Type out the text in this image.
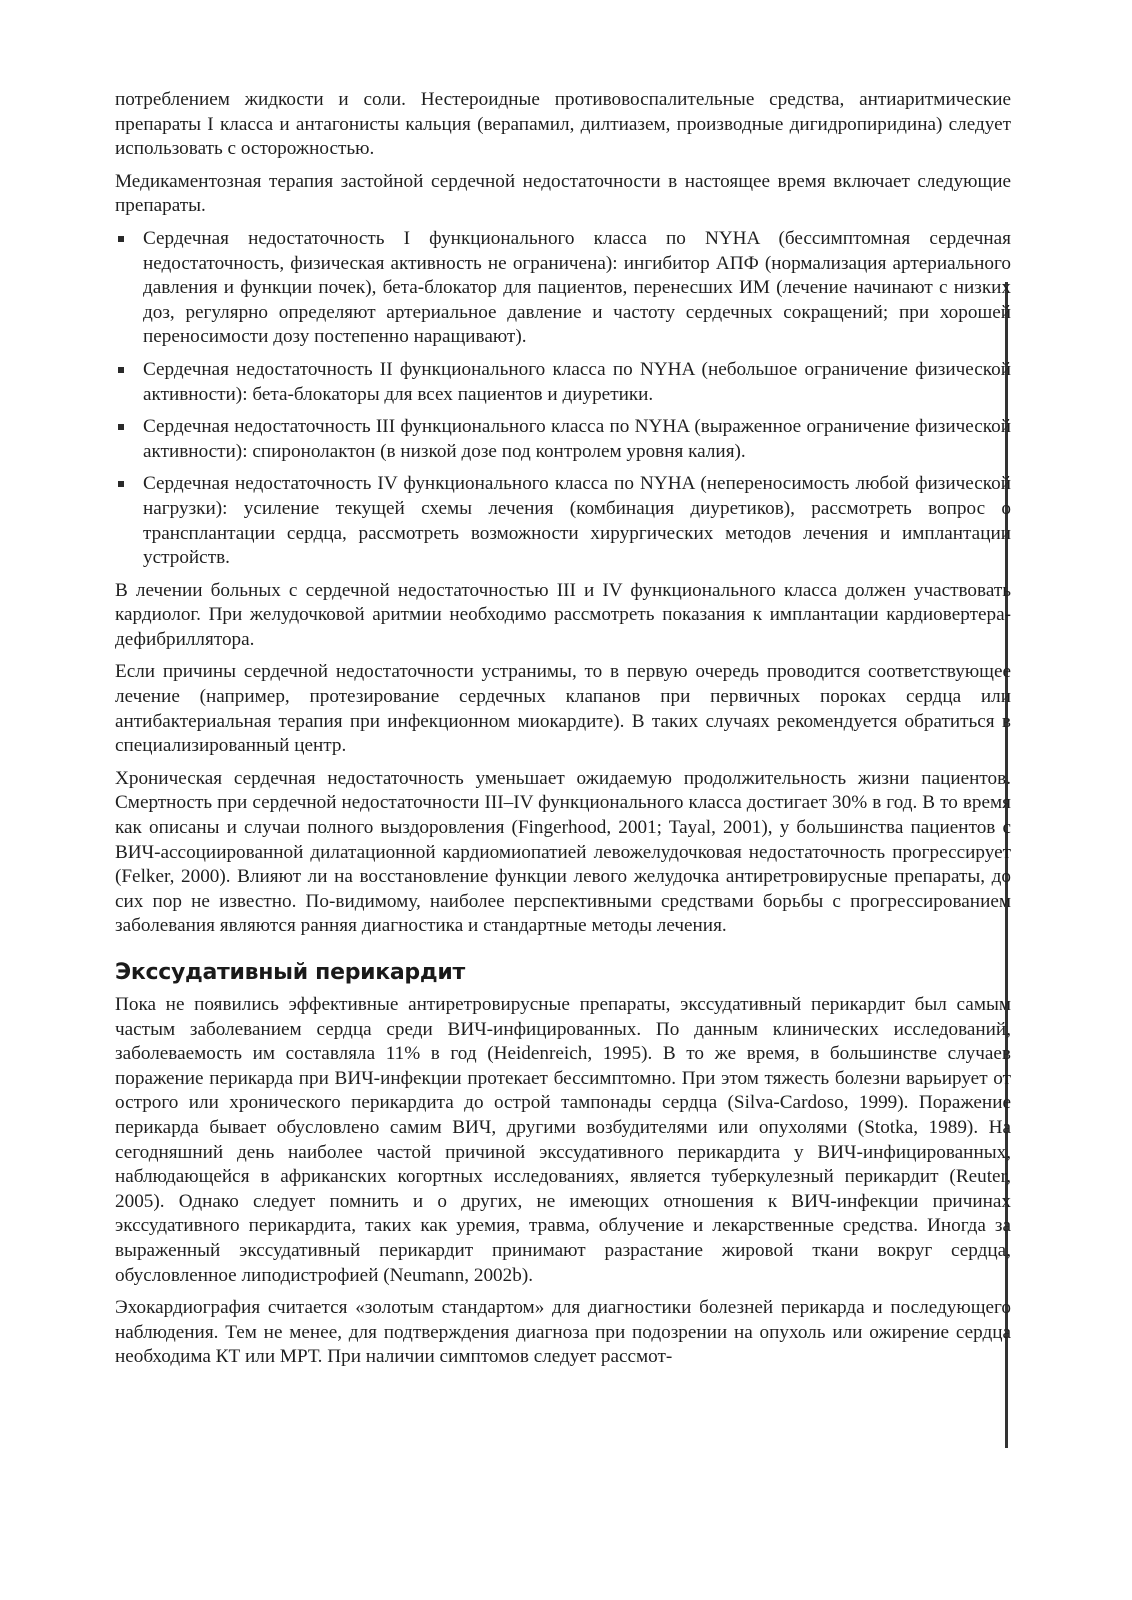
потреблением жидкости и соли. Нестероидные противовоспалительные средства, антиаритмические препараты I класса и антагонисты кальция (верапамил, дилтиазем, производные дигидропиридина) следует использовать с осторожностью.

Медикаментозная терапия застойной сердечной недостаточности в настоящее время включает следующие препараты.

Сердечная недостаточность I функционального класса по NYHA (бессимптомная сердечная недостаточность, физическая активность не ограничена): ингибитор АПФ (нормализация артериального давления и функции почек), бета-блокатор для пациентов, перенесших ИМ (лечение начинают с низких доз, регулярно определяют артериальное давление и частоту сердечных сокращений; при хорошей переносимости дозу постепенно наращивают).
Сердечная недостаточность II функционального класса по NYHA (небольшое ограничение физической активности): бета-блокаторы для всех пациентов и диуретики.
Сердечная недостаточность III функционального класса по NYHA (выраженное ограничение физической активности): спиронолактон (в низкой дозе под контролем уровня калия).
Сердечная недостаточность IV функционального класса по NYHA (непереносимость любой физической нагрузки): усиление текущей схемы лечения (комбинация диуретиков), рассмотреть вопрос о трансплантации сердца, рассмотреть возможности хирургических методов лечения и имплантации устройств.

В лечении больных с сердечной недостаточностью III и IV функционального класса должен участвовать кардиолог. При желудочковой аритмии необходимо рассмотреть показания к имплантации кардиовертера-дефибриллятора.

Если причины сердечной недостаточности устранимы, то в первую очередь проводится соответствующее лечение (например, протезирование сердечных клапанов при первичных пороках сердца или антибактериальная терапия при инфекционном миокардите). В таких случаях рекомендуется обратиться в специализированный центр.

Хроническая сердечная недостаточность уменьшает ожидаемую продолжительность жизни пациентов. Смертность при сердечной недостаточности III–IV функционального класса достигает 30% в год. В то время как описаны и случаи полного выздоровления (Fingerhood, 2001; Tayal, 2001), у большинства пациентов с ВИЧ-ассоциированной дилатационной кардиомиопатией левожелудочковая недостаточность прогрессирует (Felker, 2000). Влияют ли на восстановление функции левого желудочка антиретровирусные препараты, до сих пор не известно. По-видимому, наиболее перспективными средствами борьбы с прогрессированием заболевания являются ранняя диагностика и стандартные методы лечения.

Экссудативный перикардит

Пока не появились эффективные антиретровирусные препараты, экссудативный перикардит был самым частым заболеванием сердца среди ВИЧ-инфицированных. По данным клинических исследований, заболеваемость им составляла 11% в год (Heidenreich, 1995). В то же время, в большинстве случаев поражение перикарда при ВИЧ-инфекции протекает бессимптомно. При этом тяжесть болезни варьирует от острого или хронического перикардита до острой тампонады сердца (Silva-Cardoso, 1999). Поражение перикарда бывает обусловлено самим ВИЧ, другими возбудителями или опухолями (Stotka, 1989). На сегодняшний день наиболее частой причиной экссудативного перикардита у ВИЧ-инфицированных, наблюдающейся в африканских когортных исследованиях, является туберкулезный перикардит (Reuter, 2005). Однако следует помнить и о других, не имеющих отношения к ВИЧ-инфекции причинах экссудативного перикардита, таких как уремия, травма, облучение и лекарственные средства. Иногда за выраженный экссудативный перикардит принимают разрастание жировой ткани вокруг сердца, обусловленное липодистрофией (Neumann, 2002b).

Эхокардиография считается «золотым стандартом» для диагностики болезней перикарда и последующего наблюдения. Тем не менее, для подтверждения диагноза при подозрении на опухоль или ожирение сердца необходима КТ или МРТ. При наличии симптомов следует рассмот-
